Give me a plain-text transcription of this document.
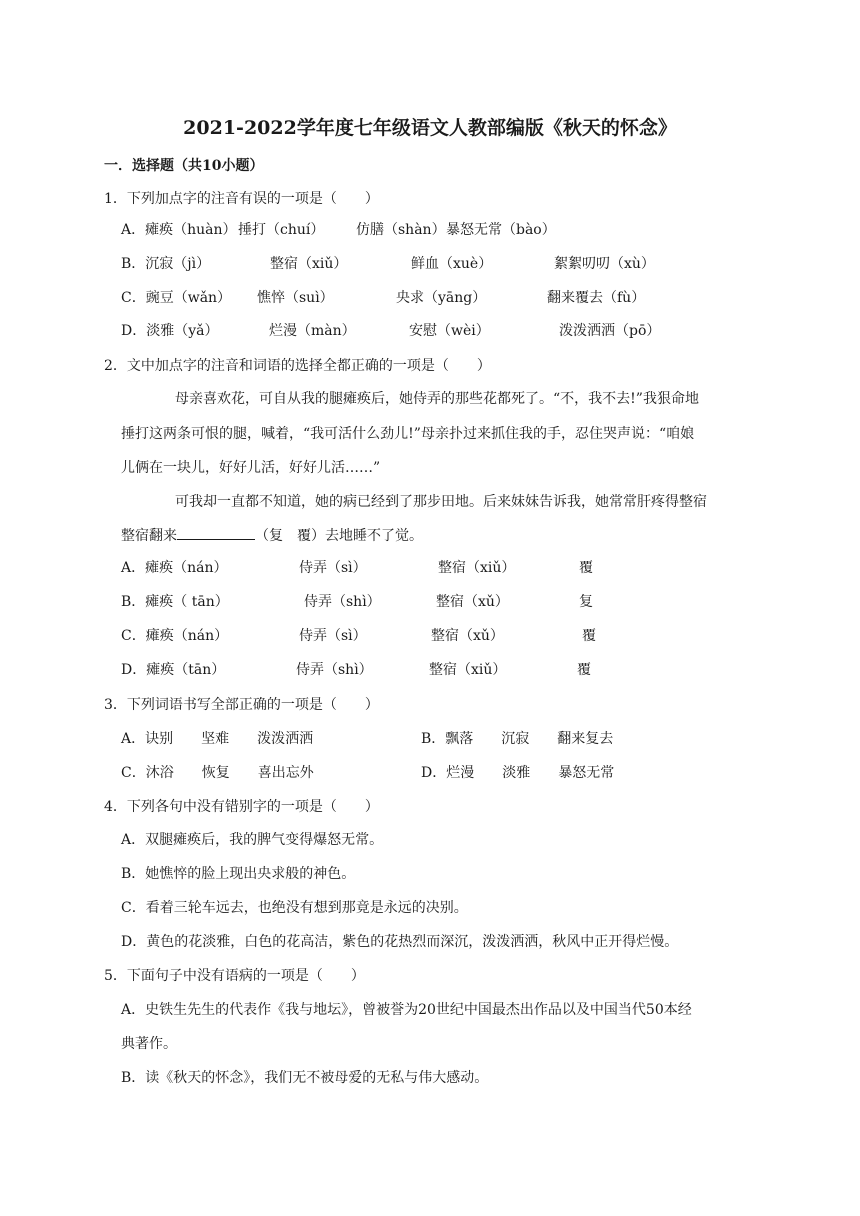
2021-2022学年度七年级语文人教部编版《秋天的怀念》
一．选择题（共10小题）
1．下列加点字的注音有误的一项是（　　）
A．瘫痪（huàn） 捶打（chuí） 仿膳（shàn） 暴怒无常（bào）
B．沉寂（jì）	整宿（xiǔ）	鲜血（xuè）	絮絮叨叨（xù）
C．豌豆（wǎn） 憔悴（suì）	央求（yāng）	翻来覆去（fù）
D．淡雅（yǎ）	烂漫（màn）	安慰（wèi）	泼泼洒洒（pō）
2．文中加点字的注音和词语的选择全都正确的一项是（　　）
母亲喜欢花，可自从我的腿瘫痪后，她侍弄的那些花都死了。“不，我不去!”我狠命地
捶打这两条可恨的腿，喊着，“我可活什么劲儿!”母亲扑过来抓住我的手，忍住哭声说：“咱娘
儿俩在一块儿，好好儿活，好好儿活……”
可我却一直都不知道，她的病已经到了那步田地。后来妹妹告诉我，她常常肝疼得整宿
整宿翻来	（复　覆）去地睡不了觉。
A．瘫痪（nán）	侍弄（sì）	整宿（xiǔ）	覆
B．瘫痪（ tān）	侍弄（shì）	整宿（xǔ）	复
C．瘫痪（nán）	侍弄（sì）	整宿（xǔ）	覆
D．瘫痪（tān）	侍弄（shì）	整宿（xiǔ）	覆
3．下列词语书写全部正确的一项是（　　）
A．诀别　　坚难　　泼泼洒洒	B．飘落　　沉寂　　翻来复去
C．沐浴　　恢复　　喜出忘外	D．烂漫　　淡雅　　暴怒无常
4．下列各句中没有错别字的一项是（　　）
A．双腿瘫痪后，我的脾气变得爆怒无常。
B．她憔悴的脸上现出央求般的神色。
C．看着三轮车远去，也绝没有想到那竟是永远的决别。
D．黄色的花淡雅，白色的花高洁，紫色的花热烈而深沉，泼泼洒洒，秋风中正开得烂慢。
5．下面句子中没有语病的一项是（　　）
A．史铁生先生的代表作《我与地坛》，曾被誉为20世纪中国最杰出作品以及中国当代50本经
典著作。
B．读《秋天的怀念》，我们无不被母爱的无私与伟大感动。
